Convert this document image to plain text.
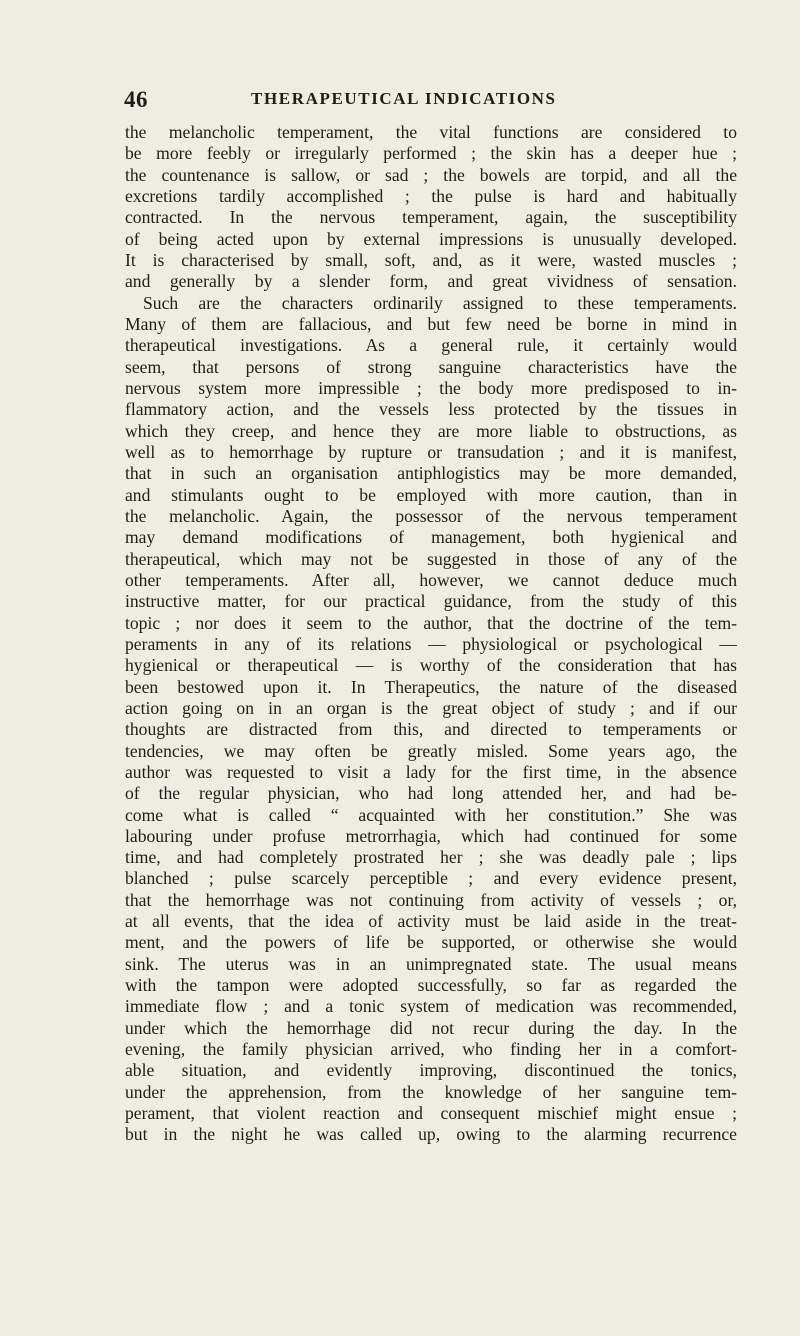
46	THERAPEUTICAL INDICATIONS
the melancholic temperament, the vital functions are considered to
be more feebly or irregularly performed ; the skin has a deeper hue ;
the countenance is sallow, or sad ; the bowels are torpid, and all the
excretions tardily accomplished ; the pulse is hard and habitually
contracted. In the nervous temperament, again, the susceptibility
of being acted upon by external impressions is unusually developed.
It is characterised by small, soft, and, as it were, wasted muscles ;
and generally by a slender form, and great vividness of sensation.
Such are the characters ordinarily assigned to these temperaments.
Many of them are fallacious, and but few need be borne in mind in
therapeutical investigations. As a general rule, it certainly would
seem, that persons of strong sanguine characteristics have the
nervous system more impressible ; the body more predisposed to in-
flammatory action, and the vessels less protected by the tissues in
which they creep, and hence they are more liable to obstructions, as
well as to hemorrhage by rupture or transudation ; and it is manifest,
that in such an organisation antiphlogistics may be more demanded,
and stimulants ought to be employed with more caution, than in
the melancholic. Again, the possessor of the nervous temperament
may demand modifications of management, both hygienical and
therapeutical, which may not be suggested in those of any of the
other temperaments. After all, however, we cannot deduce much
instructive matter, for our practical guidance, from the study of this
topic ; nor does it seem to the author, that the doctrine of the tem-
peraments in any of its relations — physiological or psychological —
hygienical or therapeutical — is worthy of the consideration that has
been bestowed upon it. In Therapeutics, the nature of the diseased
action going on in an organ is the great object of study ; and if our
thoughts are distracted from this, and directed to temperaments or
tendencies, we may often be greatly misled. Some years ago, the
author was requested to visit a lady for the first time, in the absence
of the regular physician, who had long attended her, and had be-
come what is called “ acquainted with her constitution.” She was
labouring under profuse metrorrhagia, which had continued for some
time, and had completely prostrated her ; she was deadly pale ; lips
blanched ; pulse scarcely perceptible ; and every evidence present,
that the hemorrhage was not continuing from activity of vessels ; or,
at all events, that the idea of activity must be laid aside in the treat-
ment, and the powers of life be supported, or otherwise she would
sink. The uterus was in an unimpregnated state. The usual means
with the tampon were adopted successfully, so far as regarded the
immediate flow ; and a tonic system of medication was recommended,
under which the hemorrhage did not recur during the day. In the
evening, the family physician arrived, who finding her in a comfort-
able situation, and evidently improving, discontinued the tonics,
under the apprehension, from the knowledge of her sanguine tem-
perament, that violent reaction and consequent mischief might ensue ;
but in the night he was called up, owing to the alarming recurrence
